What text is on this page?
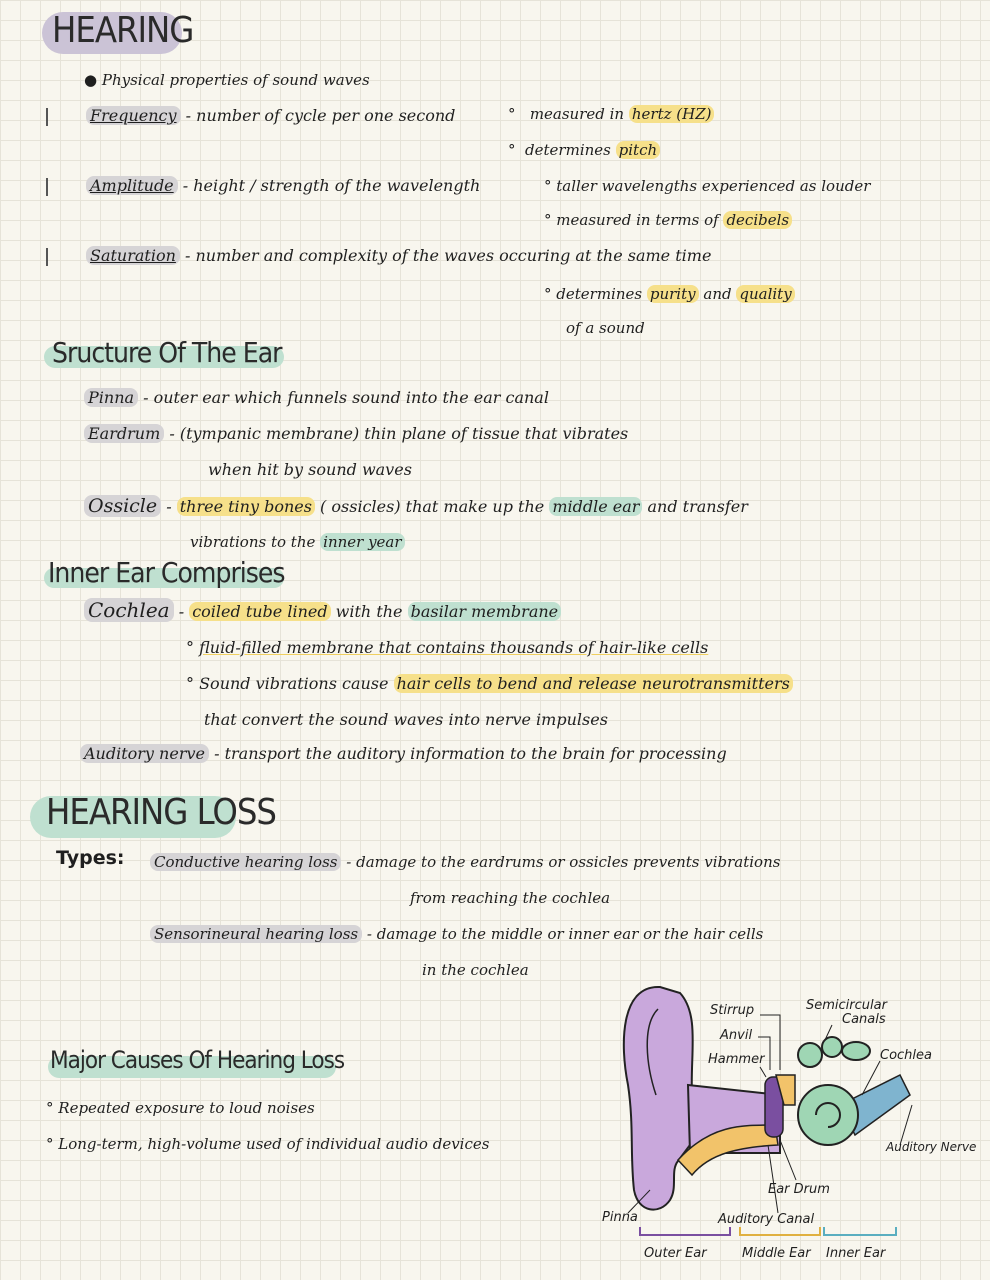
HEARING
● Physical properties of sound waves
Frequency - number of cycle per one second	° measured in hertz (HZ)
° determines pitch
Amplitude - height / strength of the wavelength	° taller wavelengths experienced as louder
° measured in terms of decibels
Saturation - number and complexity of the waves occuring at the same time
° determines purity and quality
of a sound
Sructure Of The Ear
Pinna - outer ear which funnels sound into the ear canal
Eardrum - (tympanic membrane) thin plane of tissue that vibrates
when hit by sound waves
Ossicle - three tiny bones ( ossicles) that make up the middle ear and transfer
vibrations to the inner year
Inner Ear Comprises
Cochlea - coiled tube lined with the basilar membrane
° fluid-filled membrane that contains thousands of hair-like cells
° Sound vibrations cause hair cells to bend and release neurotransmitters
that convert the sound waves into nerve impulses
Auditory nerve - transport the auditory information to the brain for processing
HEARING LOSS
Types: Conductive hearing loss - damage to the eardrums or ossicles prevents vibrations
from reaching the cochlea
Sensorineural hearing loss - damage to the middle or inner ear or the hair cells
in the cochlea
Major Causes Of Hearing Loss
° Repeated exposure to loud noises
° Long-term, high-volume used of individual audio devices
Stirrup
Anvil
Hammer
Semicircular
Canals
Cochlea
Auditory Nerve
Ear Drum
Auditory Canal
Pinna
Outer Ear	Middle Ear Inner Ear
